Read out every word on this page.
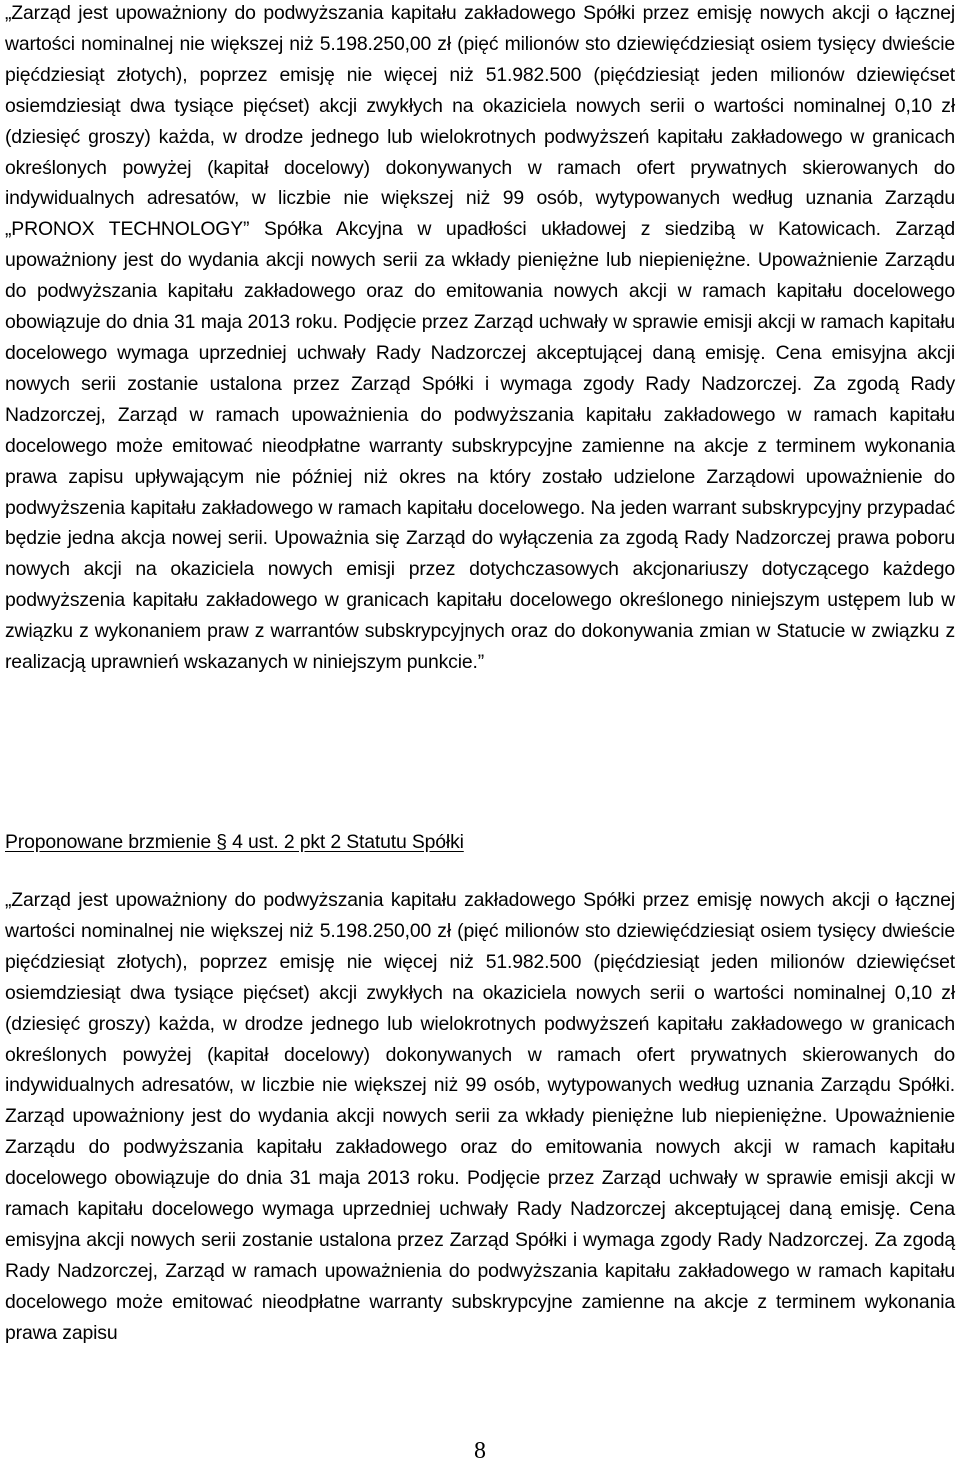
„Zarząd jest upoważniony do podwyższania kapitału zakładowego Spółki przez emisję nowych akcji o łącznej wartości nominalnej nie większej niż 5.198.250,00 zł (pięć milionów sto dziewięćdziesiąt osiem tysięcy dwieście pięćdziesiąt złotych), poprzez emisję nie więcej niż 51.982.500 (pięćdziesiąt jeden milionów dziewięćset osiemdziesiąt dwa tysiące pięćset) akcji zwykłych na okaziciela nowych serii o wartości nominalnej 0,10 zł (dziesięć groszy) każda, w drodze jednego lub wielokrotnych podwyższeń kapitału zakładowego w granicach określonych powyżej (kapitał docelowy) dokonywanych w ramach ofert prywatnych skierowanych do indywidualnych adresatów, w liczbie nie większej niż 99 osób, wytypowanych według uznania Zarządu „PRONOX TECHNOLOGY” Spółka Akcyjna w upadłości układowej z siedzibą w Katowicach. Zarząd upoważniony jest do wydania akcji nowych serii za wkłady pieniężne lub niepieniężne. Upoważnienie Zarządu do podwyższania kapitału zakładowego oraz do emitowania nowych akcji w ramach kapitału docelowego obowiązuje do dnia 31 maja 2013 roku. Podjęcie przez Zarząd uchwały w sprawie emisji akcji w ramach kapitału docelowego wymaga uprzedniej uchwały Rady Nadzorczej akceptującej daną emisję. Cena emisyjna akcji nowych serii zostanie ustalona przez Zarząd Spółki i wymaga zgody Rady Nadzorczej. Za zgodą Rady Nadzorczej, Zarząd w ramach upoważnienia do podwyższania kapitału zakładowego w ramach kapitału docelowego może emitować nieodpłatne warranty subskrypcyjne zamienne na akcje z terminem wykonania prawa zapisu upływającym nie później niż okres na który zostało udzielone Zarządowi upoważnienie do podwyższenia kapitału zakładowego w ramach kapitału docelowego. Na jeden warrant subskrypcyjny przypadać będzie jedna akcja nowej serii. Upoważnia się Zarząd do wyłączenia za zgodą Rady Nadzorczej prawa poboru nowych akcji na okaziciela nowych emisji przez dotychczasowych akcjonariuszy dotyczącego każdego podwyższenia kapitału zakładowego w granicach kapitału docelowego określonego niniejszym ustępem lub w związku z wykonaniem praw z warrantów subskrypcyjnych oraz do dokonywania zmian w Statucie w związku z realizacją uprawnień wskazanych w niniejszym punkcie.”

Proponowane brzmienie § 4 ust. 2 pkt 2 Statutu Spółki

„Zarząd jest upoważniony do podwyższania kapitału zakładowego Spółki przez emisję nowych akcji o łącznej wartości nominalnej nie większej niż 5.198.250,00 zł (pięć milionów sto dziewięćdziesiąt osiem tysięcy dwieście pięćdziesiąt złotych), poprzez emisję nie więcej niż 51.982.500 (pięćdziesiąt jeden milionów dziewięćset osiemdziesiąt dwa tysiące pięćset) akcji zwykłych na okaziciela nowych serii o wartości nominalnej 0,10 zł (dziesięć groszy) każda, w drodze jednego lub wielokrotnych podwyższeń kapitału zakładowego w granicach określonych powyżej (kapitał docelowy) dokonywanych w ramach ofert prywatnych skierowanych do indywidualnych adresatów, w liczbie nie większej niż 99 osób, wytypowanych według uznania Zarządu Spółki. Zarząd upoważniony jest do wydania akcji nowych serii za wkłady pieniężne lub niepieniężne. Upoważnienie Zarządu do podwyższania kapitału zakładowego oraz do emitowania nowych akcji w ramach kapitału docelowego obowiązuje do dnia 31 maja 2013 roku. Podjęcie przez Zarząd uchwały w sprawie emisji akcji w ramach kapitału docelowego wymaga uprzedniej uchwały Rady Nadzorczej akceptującej daną emisję. Cena emisyjna akcji nowych serii zostanie ustalona przez Zarząd Spółki i wymaga zgody Rady Nadzorczej. Za zgodą Rady Nadzorczej, Zarząd w ramach upoważnienia do podwyższania kapitału zakładowego w ramach kapitału docelowego może emitować nieodpłatne warranty subskrypcyjne zamienne na akcje z terminem wykonania prawa zapisu

8
